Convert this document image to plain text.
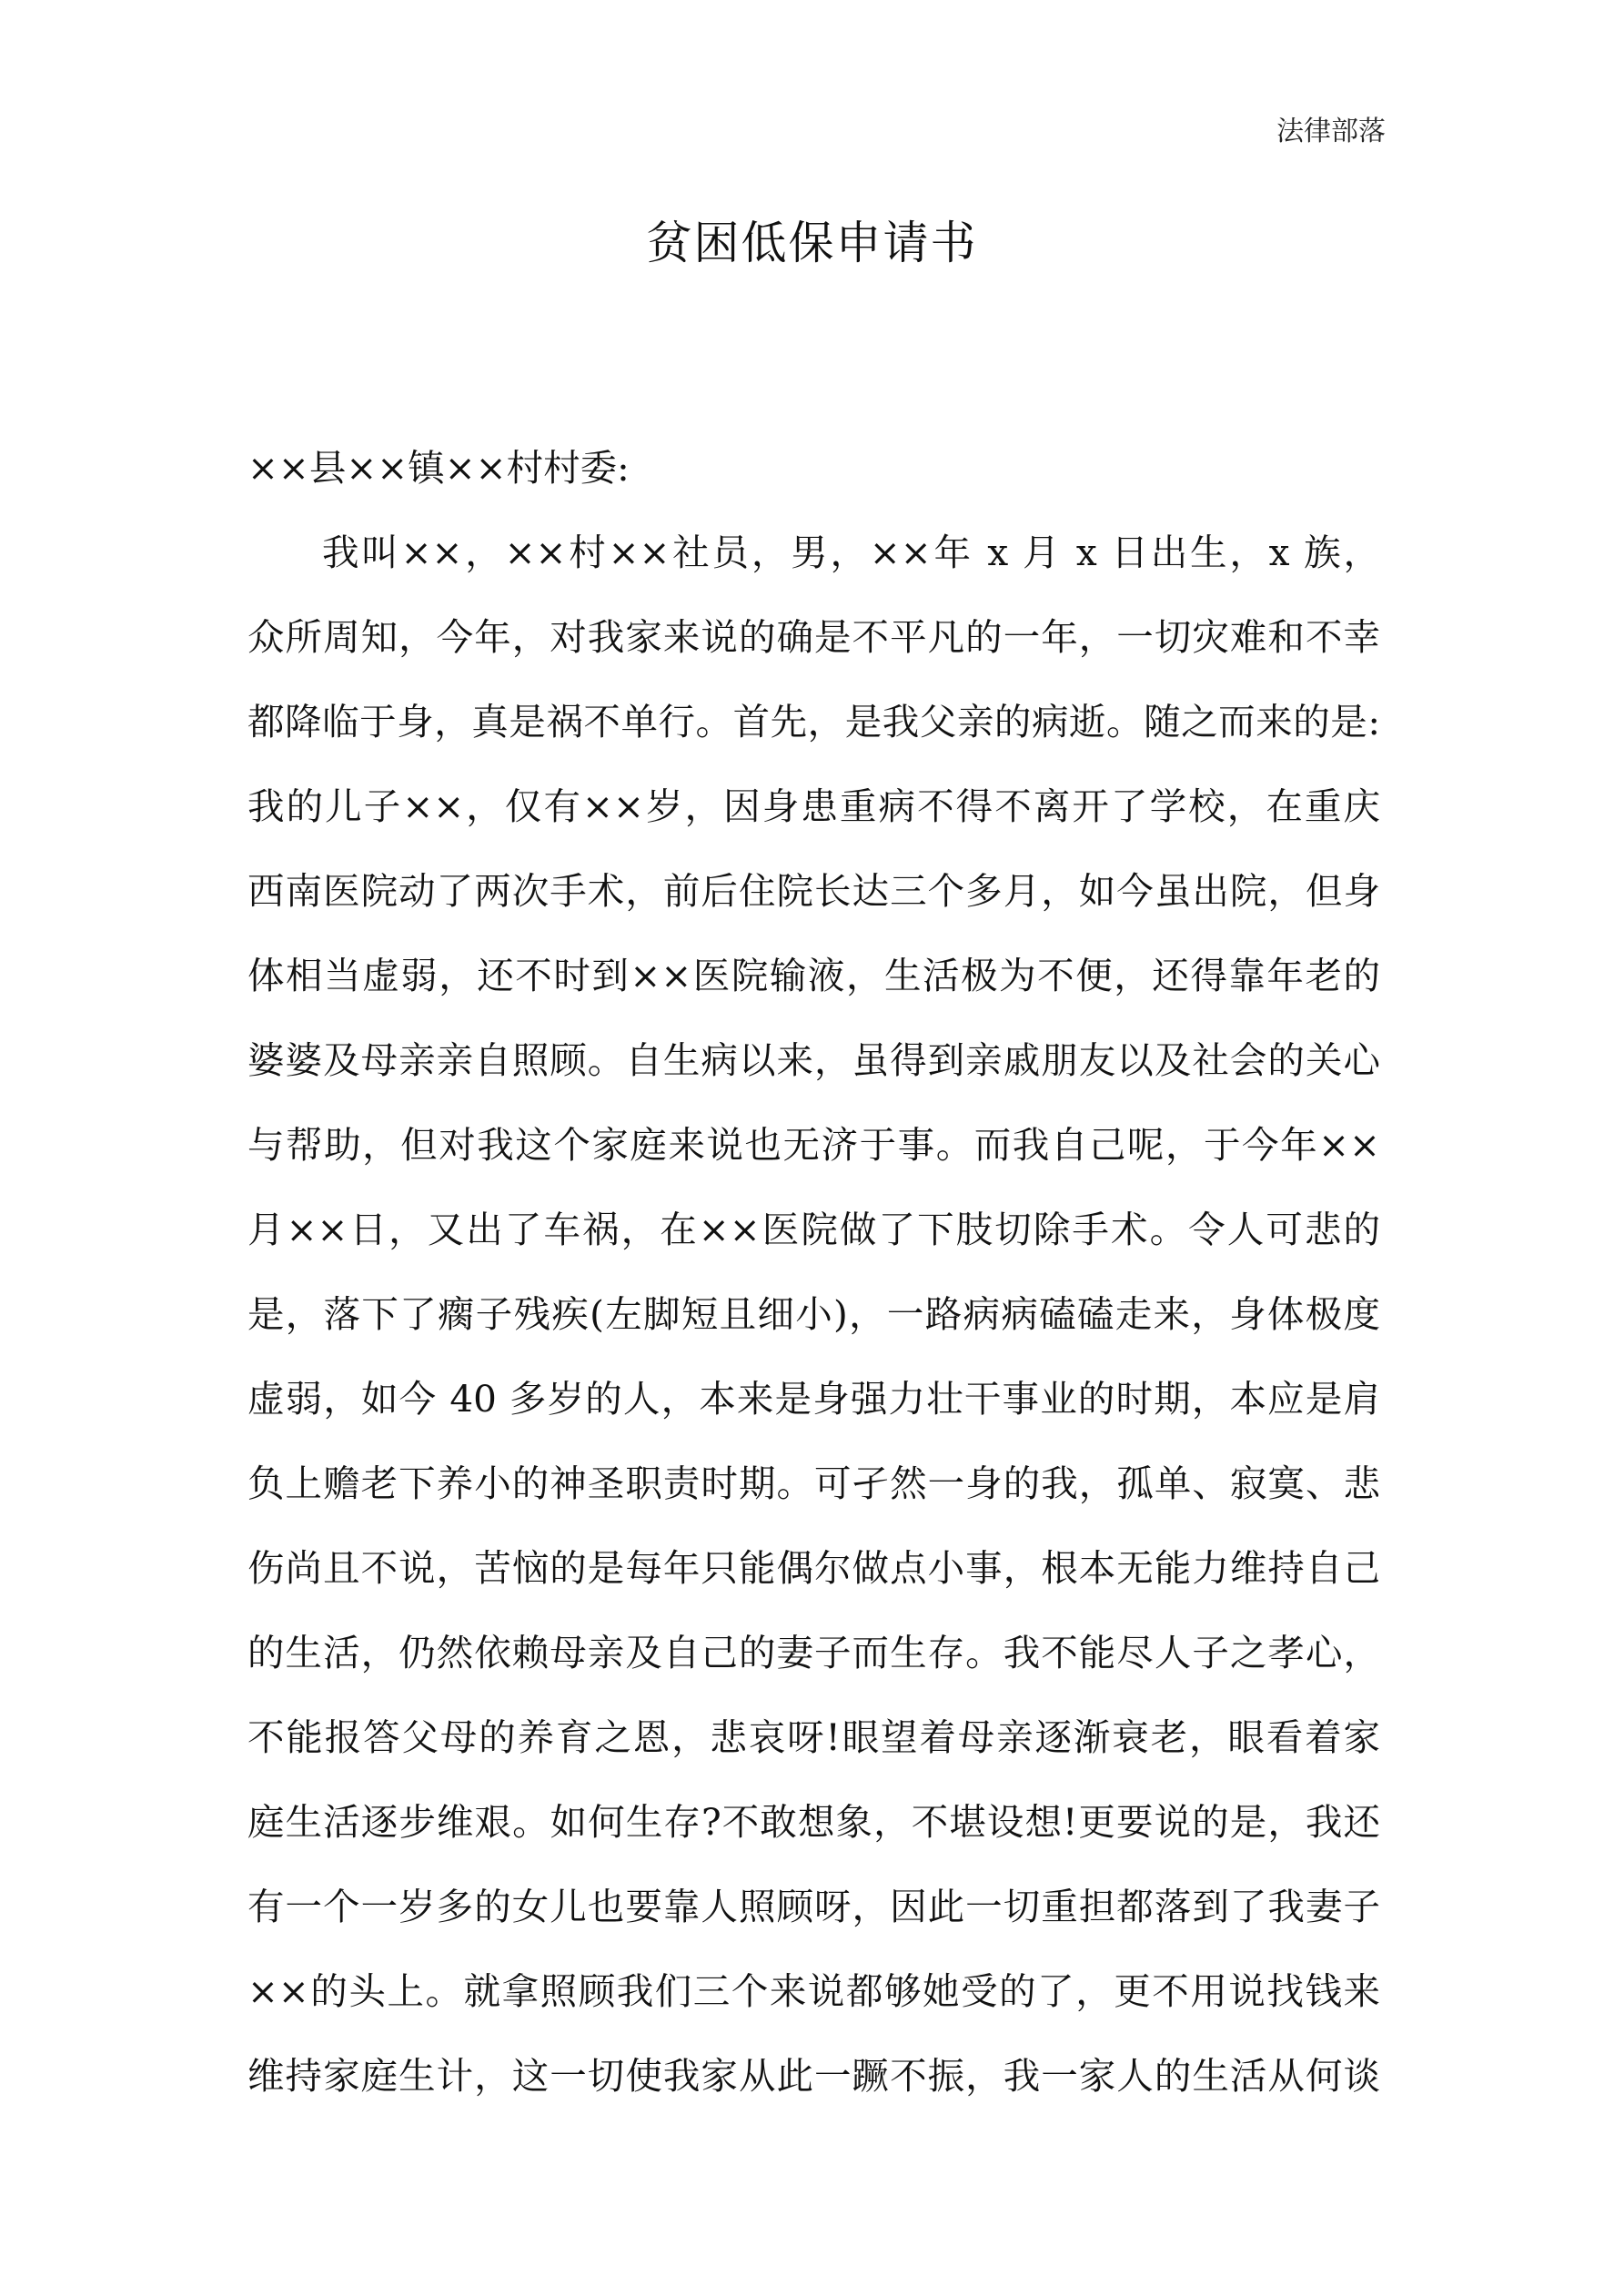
法律部落
贫困低保申请书

××县××镇××村村委:

我叫××，××村××社员，男，××年 x 月 x 日出生，x 族，
众所周知，今年，对我家来说的确是不平凡的一年，一切灾难和不幸
都降临于身，真是祸不单行。首先，是我父亲的病逝。随之而来的是:
我的儿子××，仅有××岁，因身患重病不得不离开了学校，在重庆
西南医院动了两次手术，前后住院长达三个多月，如今虽出院，但身
体相当虚弱，还不时到××医院输液，生活极为不便，还得靠年老的
婆婆及母亲亲自照顾。自生病以来，虽得到亲戚朋友以及社会的关心
与帮助，但对我这个家庭来说也无济于事。而我自己呢，于今年××
月××日，又出了车祸，在××医院做了下肢切除手术。令人可悲的
是，落下了瘸子残疾(左脚短且细小)，一路病病磕磕走来，身体极度
虚弱，如今 40 多岁的人，本来是身强力壮干事业的时期，本应是肩
负上赡老下养小的神圣职责时期。可孑然一身的我，孤单、寂寞、悲
伤尚且不说，苦恼的是每年只能偶尔做点小事，根本无能力维持自己
的生活，仍然依赖母亲及自己的妻子而生存。我不能尽人子之孝心，
不能报答父母的养育之恩，悲哀呀!眼望着母亲逐渐衰老，眼看着家
庭生活逐步维艰。如何生存?不敢想象，不堪设想!更要说的是，我还
有一个一岁多的女儿也要靠人照顾呀，因此一切重担都落到了我妻子
××的头上。就拿照顾我们三个来说都够她受的了，更不用说找钱来
维持家庭生计，这一切使我家从此一蹶不振，我一家人的生活从何谈
